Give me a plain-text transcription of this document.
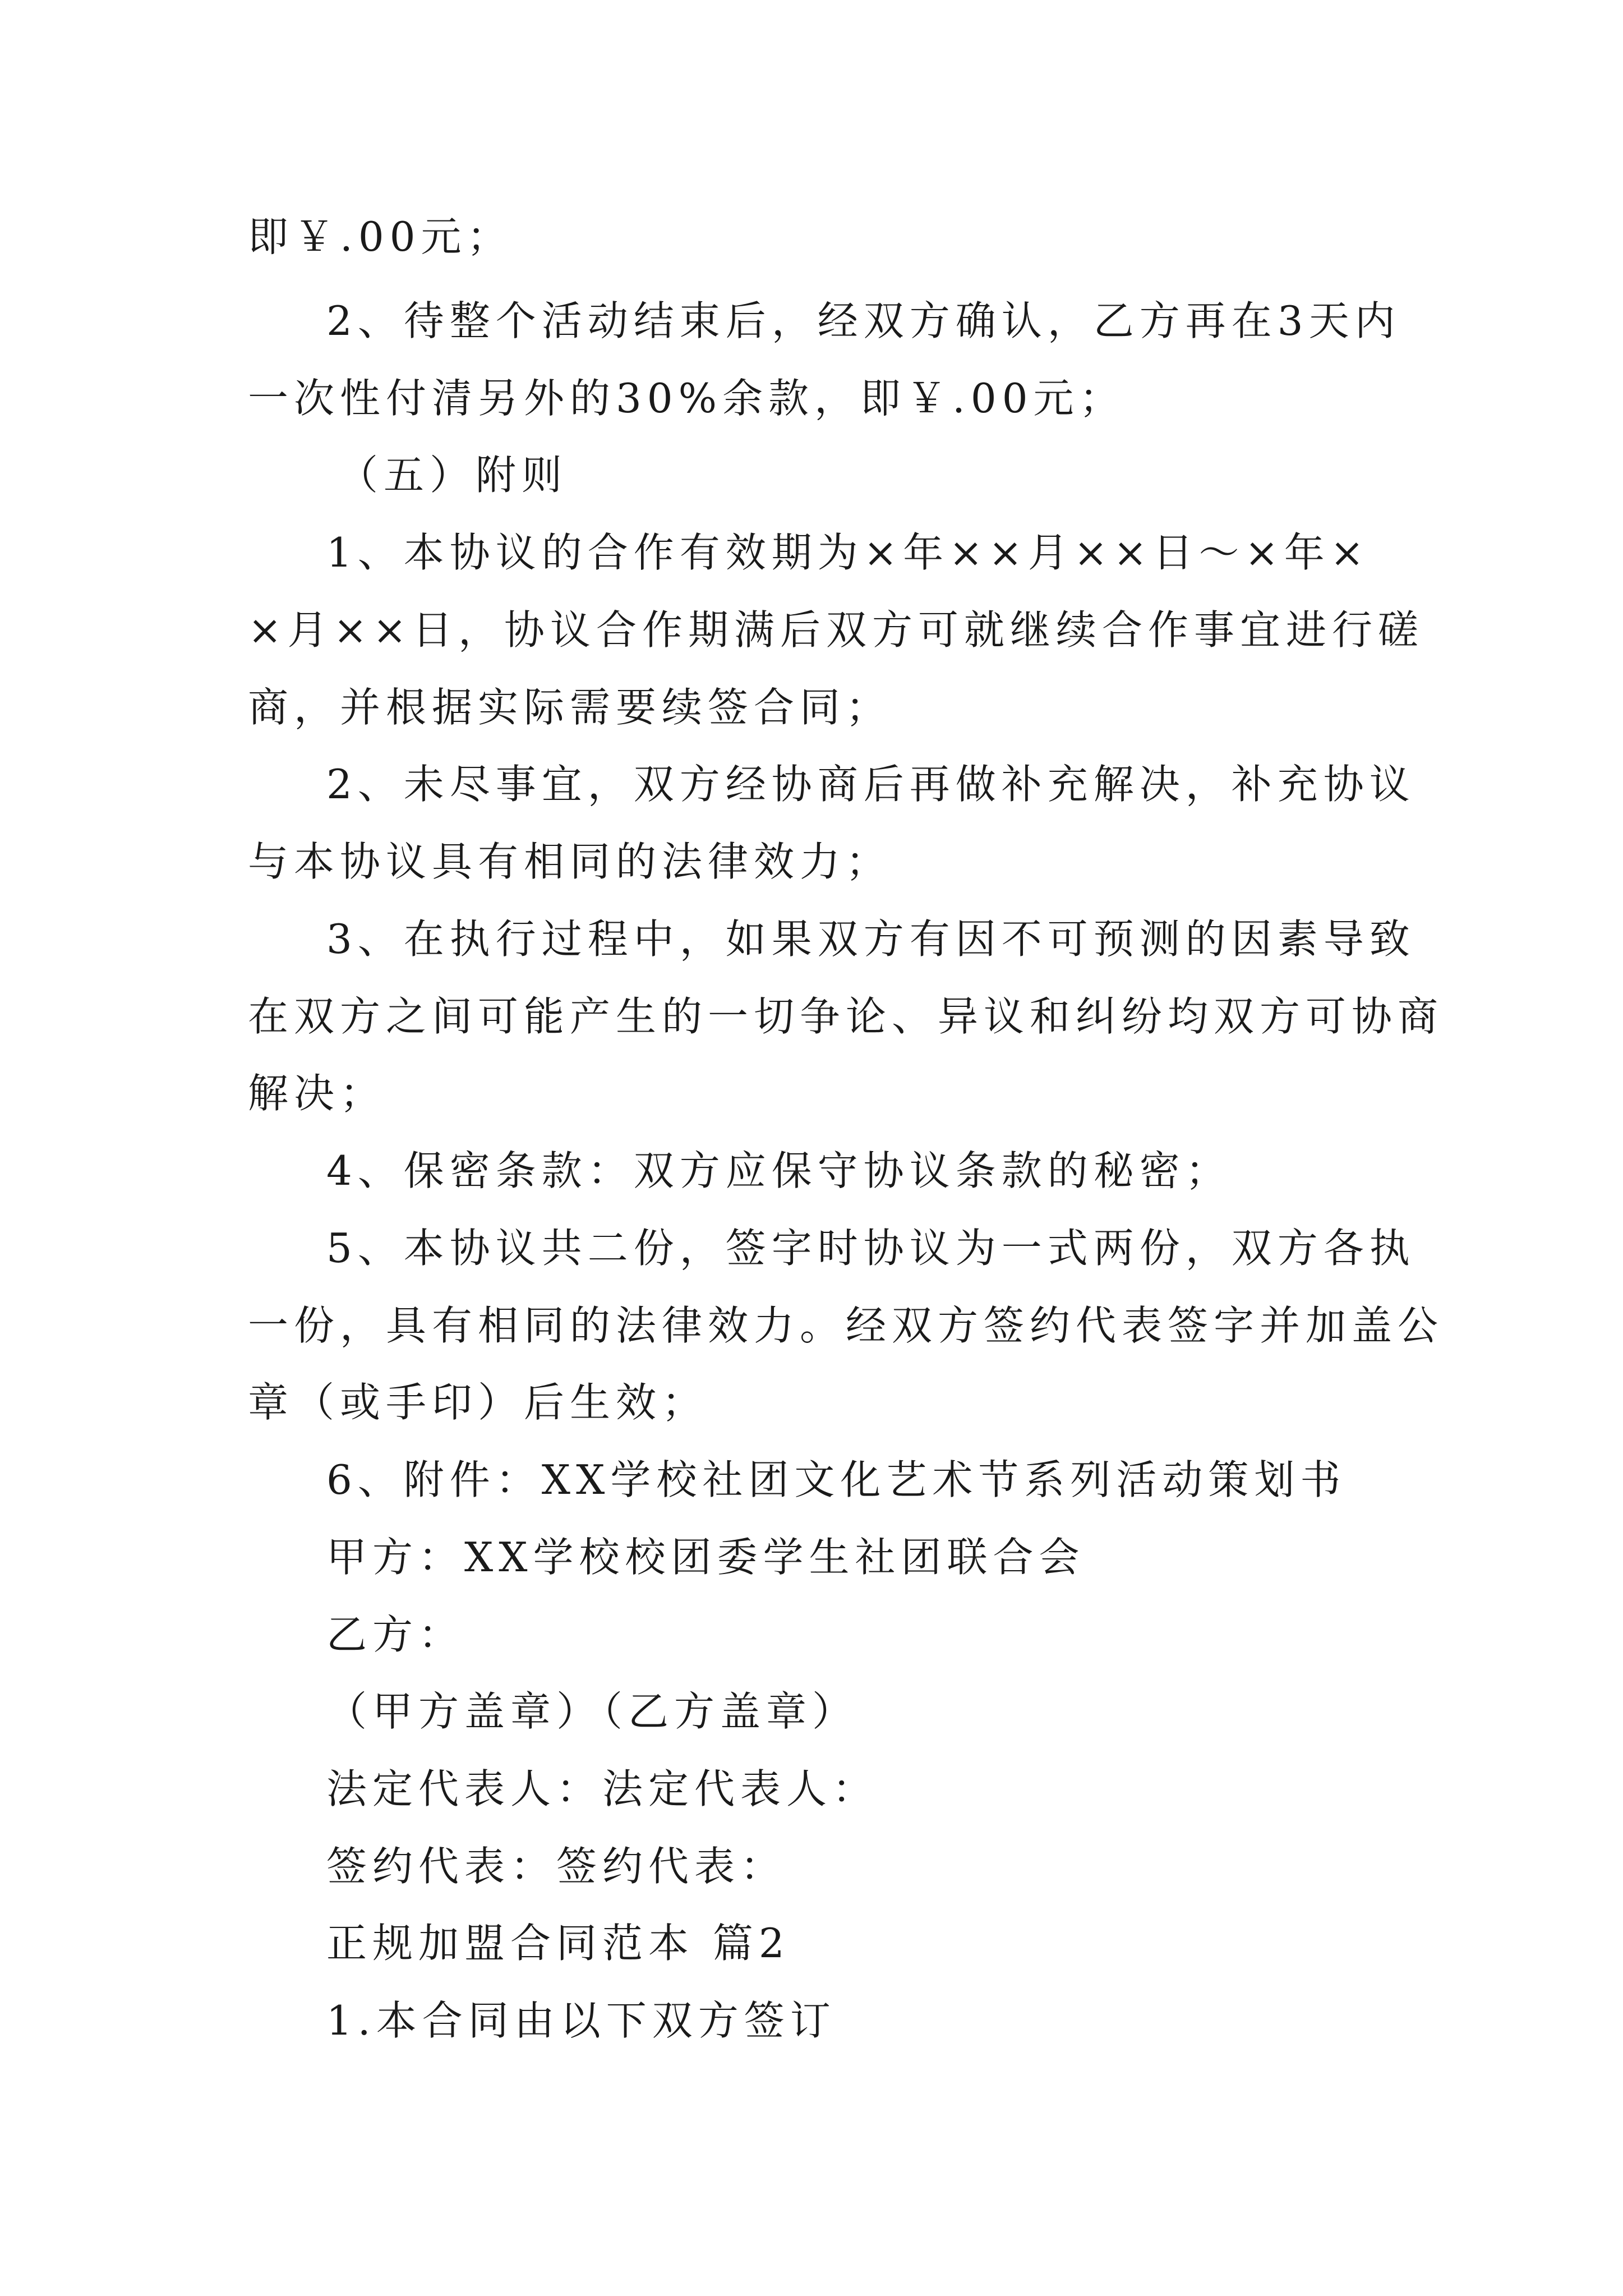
即￥.00元；
2、待整个活动结束后，经双方确认，乙方再在3天内
一次性付清另外的30%余款，即￥.00元；
（五）附则
1、本协议的合作有效期为×年××月××日～×年×
×月××日，协议合作期满后双方可就继续合作事宜进行磋
商，并根据实际需要续签合同；
2、未尽事宜，双方经协商后再做补充解决，补充协议
与本协议具有相同的法律效力；
3、在执行过程中，如果双方有因不可预测的因素导致
在双方之间可能产生的一切争论、异议和纠纷均双方可协商
解决；
4、保密条款：双方应保守协议条款的秘密；
5、本协议共二份，签字时协议为一式两份，双方各执
一份，具有相同的法律效力。经双方签约代表签字并加盖公
章（或手印）后生效；
6、附件：XX学校社团文化艺术节系列活动策划书
甲方：XX学校校团委学生社团联合会
乙方：
（甲方盖章）（乙方盖章）
法定代表人：法定代表人：
签约代表：签约代表：
正规加盟合同范本 篇2
1.本合同由以下双方签订
